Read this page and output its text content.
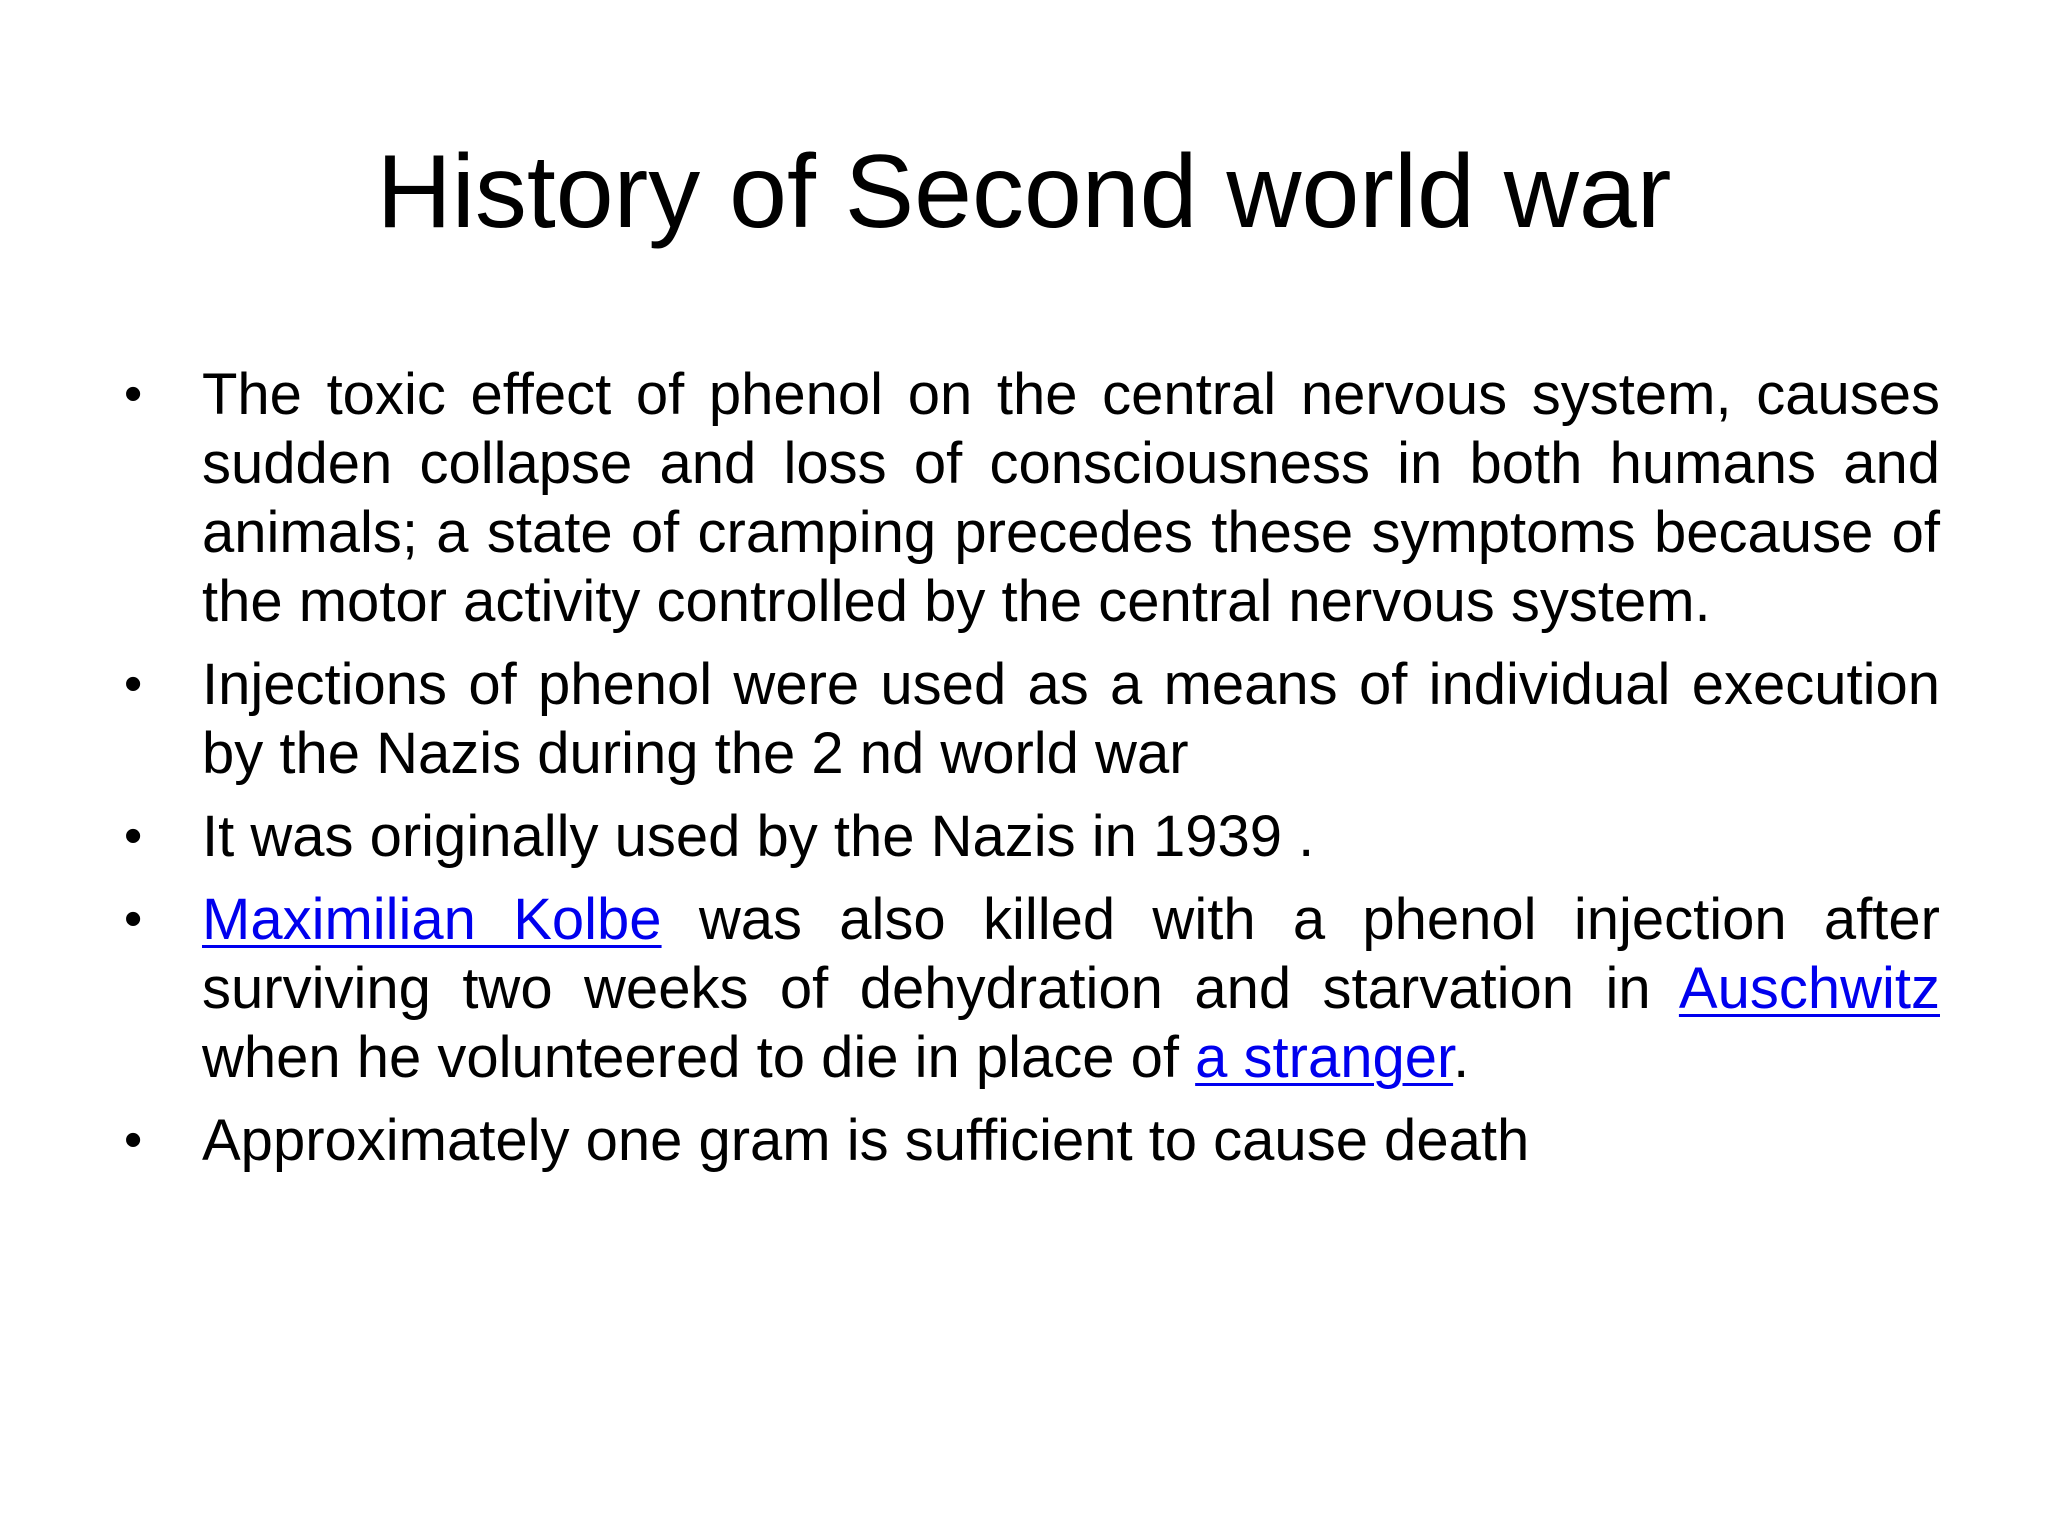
History of Second world war
• The toxic effect of phenol on the central nervous system, causes sudden collapse and loss of consciousness in both humans and animals; a state of cramping precedes these symptoms because of the motor activity controlled by the central nervous system.
• Injections of phenol were used as a means of individual execution by the Nazis during the 2 nd world war
• It was originally used by the Nazis in 1939 .
• Maximilian Kolbe was also killed with a phenol injection after surviving two weeks of dehydration and starvation in Auschwitz when he volunteered to die in place of a stranger.
• Approximately one gram is sufficient to cause death
